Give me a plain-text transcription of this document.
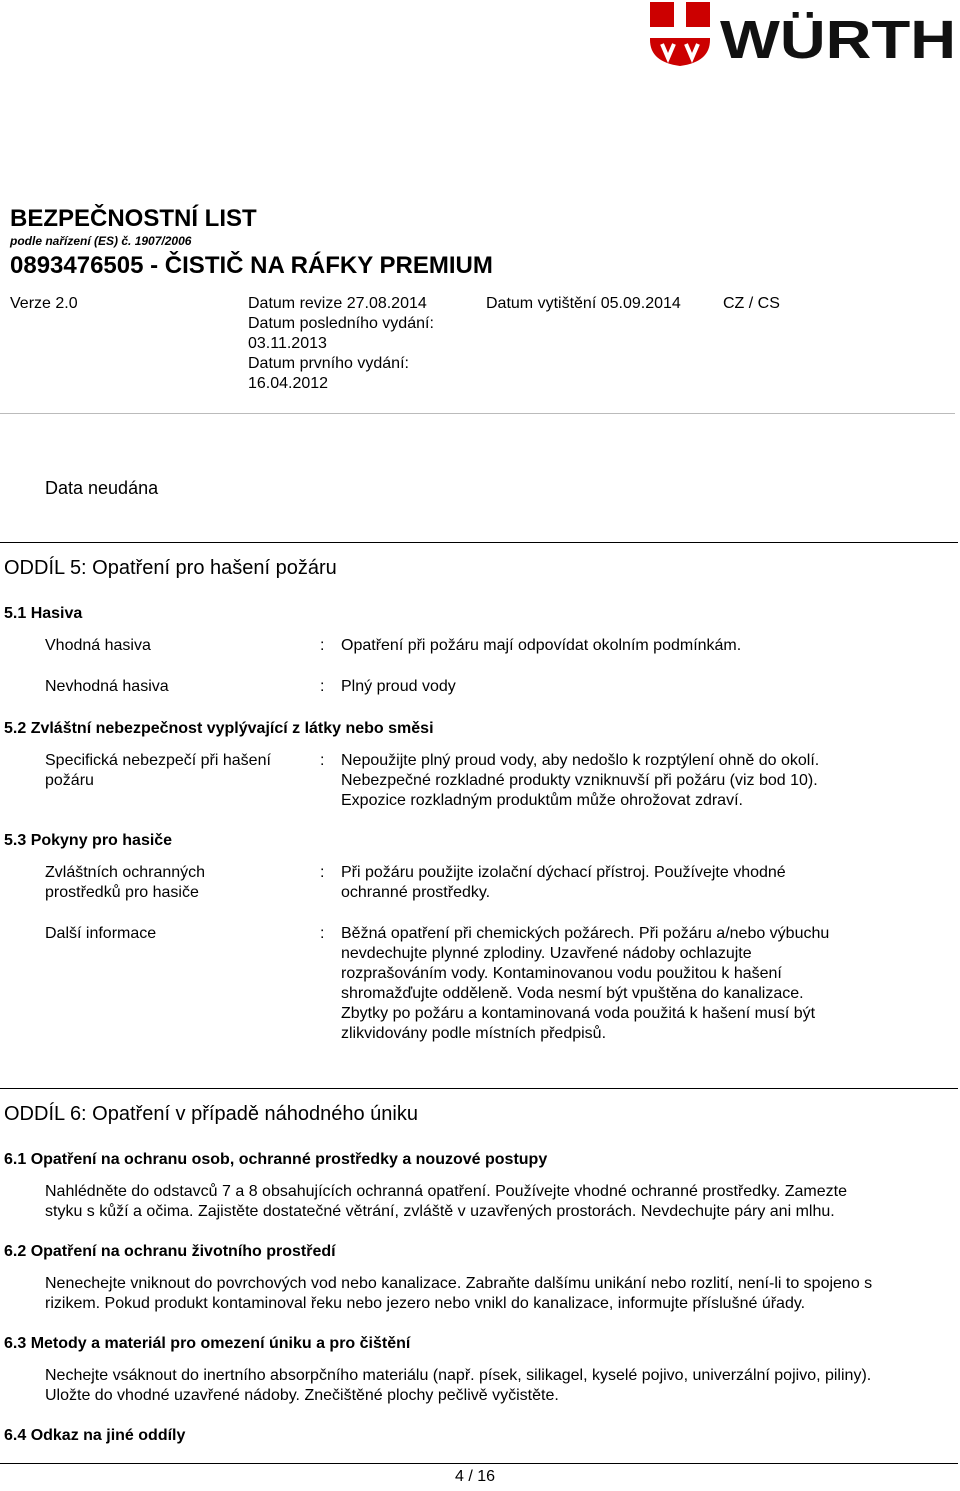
WÜRTH
BEZPEČNOSTNÍ LIST
podle nařízení (ES) č. 1907/2006
0893476505 - ČISTIČ NA RÁFKY PREMIUM
Verze 2.0	Datum revize 27.08.2014
Datum posledního vydání:
03.11.2013
Datum prvního vydání:
16.04.2012
Datum vytištění 05.09.2014	CZ / CS
Data neudána
ODDÍL 5: Opatření pro hašení požáru
5.1 Hasiva
Vhodná hasiva	: Opatření při požáru mají odpovídat okolním podmínkám.
Nevhodná hasiva	: Plný proud vody
5.2 Zvláštní nebezpečnost vyplývající z látky nebo směsi
Specifická nebezpečí při hašení
požáru
: Nepoužijte plný proud vody, aby nedošlo k rozptýlení ohně do okolí.
Nebezpečné rozkladné produkty vzniknuvší při požáru (viz bod 10).
Expozice rozkladným produktům může ohrožovat zdraví.
5.3 Pokyny pro hasiče
Zvláštních ochranných
prostředků pro hasiče
: Při požáru použijte izolační dýchací přístroj. Používejte vhodné
ochranné prostředky.
Další informace	: Běžná opatření při chemických požárech. Při požáru a/nebo výbuchu
nevdechujte plynné zplodiny. Uzavřené nádoby ochlazujte
rozprašováním vody. Kontaminovanou vodu použitou k hašení
shromažďujte odděleně. Voda nesmí být vpuštěna do kanalizace.
Zbytky po požáru a kontaminovaná voda použitá k hašení musí být
zlikvidovány podle místních předpisů.
ODDÍL 6: Opatření v případě náhodného úniku
6.1 Opatření na ochranu osob, ochranné prostředky a nouzové postupy
Nahlédněte do odstavců 7 a 8 obsahujících ochranná opatření. Používejte vhodné ochranné prostředky. Zamezte
styku s kůží a očima. Zajistěte dostatečné větrání, zvláště v uzavřených prostorách. Nevdechujte páry ani mlhu.
6.2 Opatření na ochranu životního prostředí
Nenechejte vniknout do povrchových vod nebo kanalizace. Zabraňte dalšímu unikání nebo rozlití, není-li to spojeno s
rizikem. Pokud produkt kontaminoval řeku nebo jezero nebo vnikl do kanalizace, informujte příslušné úřady.
6.3 Metody a materiál pro omezení úniku a pro čištění
Nechejte vsáknout do inertního absorpčního materiálu (např. písek, silikagel, kyselé pojivo, univerzální pojivo, piliny).
Uložte do vhodné uzavřené nádoby. Znečištěné plochy pečlivě vyčistěte.
6.4 Odkaz na jiné oddíly
4 / 16
